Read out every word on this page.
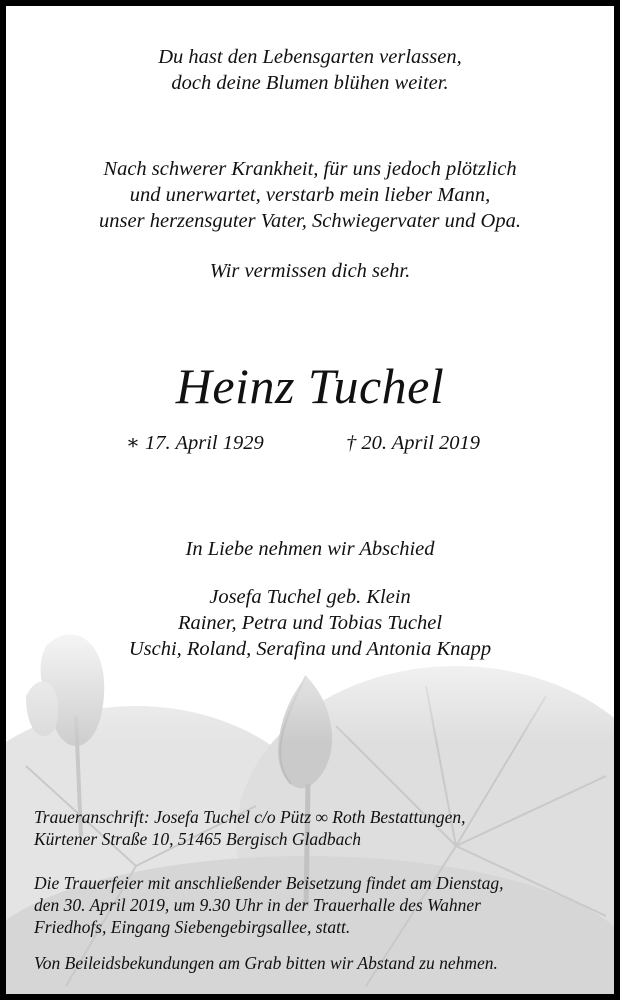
Du hast den Lebensgarten verlassen,
doch deine Blumen blühen weiter.
Nach schwerer Krankheit, für uns jedoch plötzlich
und unerwartet, verstarb mein lieber Mann,
unser herzensguter Vater, Schwiegervater und Opa.
Wir vermissen dich sehr.
Heinz Tuchel
∗ 17. April 1929	† 20. April 2019
In Liebe nehmen wir Abschied
Josefa Tuchel geb. Klein
Rainer, Petra und Tobias Tuchel
Uschi, Roland, Serafina und Antonia Knapp
Traueranschrift: Josefa Tuchel c/o Pütz ∞ Roth Bestattungen,
Kürtener Straße 10, 51465 Bergisch Gladbach
Die Trauerfeier mit anschließender Beisetzung findet am Dienstag,
den 30. April 2019, um 9.30 Uhr in der Trauerhalle des Wahner
Friedhofs, Eingang Siebengebirgsallee, statt.
Von Beileidsbekundungen am Grab bitten wir Abstand zu nehmen.
